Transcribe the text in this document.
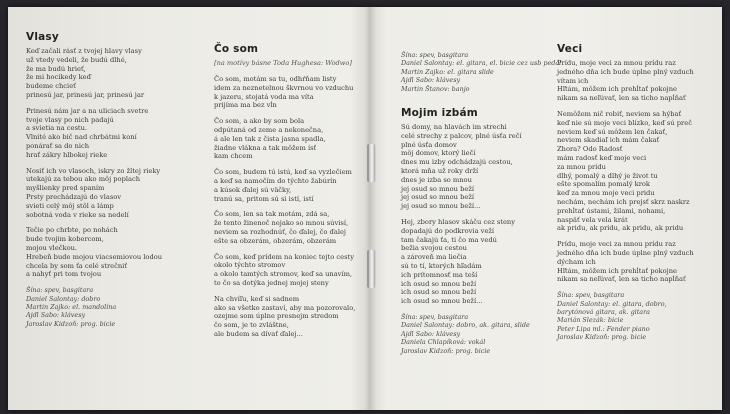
Vlasy
Keď začali rásť z tvojej hlavy vlasy
už vtedy vedeli, že budú dlhé,
že ma budú hrieť,
že mi hocikedy keď
budeme chcieť
prinesú jar, prinesú jar, prinesú jar
Prinesú nám jar a na uliciach svetre
tvoje vlasy po nich padajú
a svietia na cestu.
Vlnité ako bič nad chrbátmi koní
ponárať sa do nich
hrať zákry hlbokej rieke
Nosiť ich vo vlasoch, iskry zo žltej rieky
utekajú za tebou ako môj poplach
myšlienky pred spaním
Prsty prechádzajú do vlasov
svieti celý môj stôl a lámp
sobotná voda v rieke sa nedelí
Tečie po chrbte, po nohách
bude tvojim kobercom,
mojou vlečkou.
Hrebeň bude mojou viacsemiovou lodou
chcela by som ťa celé strečniť
a nahyť pri tom tvojou
Šína: spev, basgitara
Daniel Salontay: dobro
Martin Zajko: el. mandolína
Ajďi Sabo: klávesy
Jaroslav Kidzoň: prog. bicie
Čo som
[na motívy básne Toda Hughesa: Wodwo]
Čo som, motám sa tu, odhŕňam listy
idem za neznetelnou škvrnou vo vzduchu
k jazeru, stojatá voda ma víta
prijíma ma bez vĺn
Čo som, a ako by som bola
odpútaná od zeme a nekonečna,
á ale len tak z čista jasna spadla,
žiadne vlákna a tak môžem ísť
kam chcem
Čo som, budem tú istú, keď sa vyzlečiem
a keď sa namočím do týchto žabúrín
a kúsok ďalej sú väčky,
tranú sa, pritom sú si istí, istí
Čo som, len sa tak motám, zdá sa,
že tento žinenoč nejako so mnou súvisí,
neviem sa rozhodnúť, čo ďalej, čo ďalej
ešte sa obzerám, obzerám, obzerám
Čo som, keď prídem na koniec tejto cesty
okolo týchto stromov
a okolo tamtých stromov, keď sa unavím,
to čo sa dotýka jednej mojej steny
Na chvíľu, keď si sadnem
ako sa všetko zastaví, aby ma pozorovalo,
ozejme som úplne presnejm stredom
čo som, je to zvláštne,
ale budem sa dívať ďalej...
Šína: spev, basgitara
Daniel Salontay: el. gitara, el. bicie cez usb pedál
Martin Zajko: el. gitara slide
Ajďi Sabo: klávesy
Martin Štanov: banjo
Mojim izbám
Sú domy, na hlavách im strechi
celé strechy z palcov, plné úsťa rečí
plné úsťa domov
môj domov, ktorý liečí
dnes mu izby odchádzajú cestou,
ktorá mňa už roky drží
dnes je izba so mnou
jej osud so mnou beží
jej osud so mnou beží
jej osud so mnou beží...
Hej, zbory hlasov skáču cez steny
dopadajú do podkrovia veží
tam čakajú ťa, ti čo ma vedú
bežia svojou cestou
a zároveň ma liečia
sú to tí, ktorých hľadám
ich prítomnosť ma teší
ich osud so mnou beží
ich osud so mnou beží
ich osud so mnou beží...
Šína: spev, basgitara
Daniel Salontay: dobro, ak. gitara, slide
Ajďi Sabo: klávesy
Daniela Chlapíková: vokál
Jaroslav Kidzoň: prog. bicie
Veci
Prídu, moje veci za mnou prídu raz
jedného dňa ich bude úplne plný vzduch
vítam ich
Hľtám, môžem ich prehĺtať pokojne
nikam sa neľúvať, len sa ticho napĺňať
Nemôžem nič robiť, neviem sa hýbať
keď nie sú moje veci blízko, keď sú preč
neviem keď sú môžem len čakať,
neviem skadiaľ ich mám čakať
Zhora? Odo Radosť
mám radosť keď moje veci
za mnou prídu
dlhý, pomalý a dlhý je život tu
ešte spomalím pomalý krok
keď za mnou moje veci pridu
nechám, nechám ich prejsť skrz naskrz
prehĺtať ústami, žilami, nohami,
naspäť vela vela krát
ak pridu, ak pridu, ak pridu, ak pridu
Prídu, moje veci za mnou prídu raz
jedného dňa ich bude úplne plný vzduch
dýcham ich
Hľtám, môžem ich prehĺtať pokojne
nikam sa neľúvať, len sa ticho napĺňať
Šína: spev, basgitara
Daniel Salontay: el. gitara, dobro,
barytónová gitara, ak. gitara
Marián Slezák: bicie
Peter Lipa ml.: Fender piano
Jaroslav Kidzoň: prog. bicie
